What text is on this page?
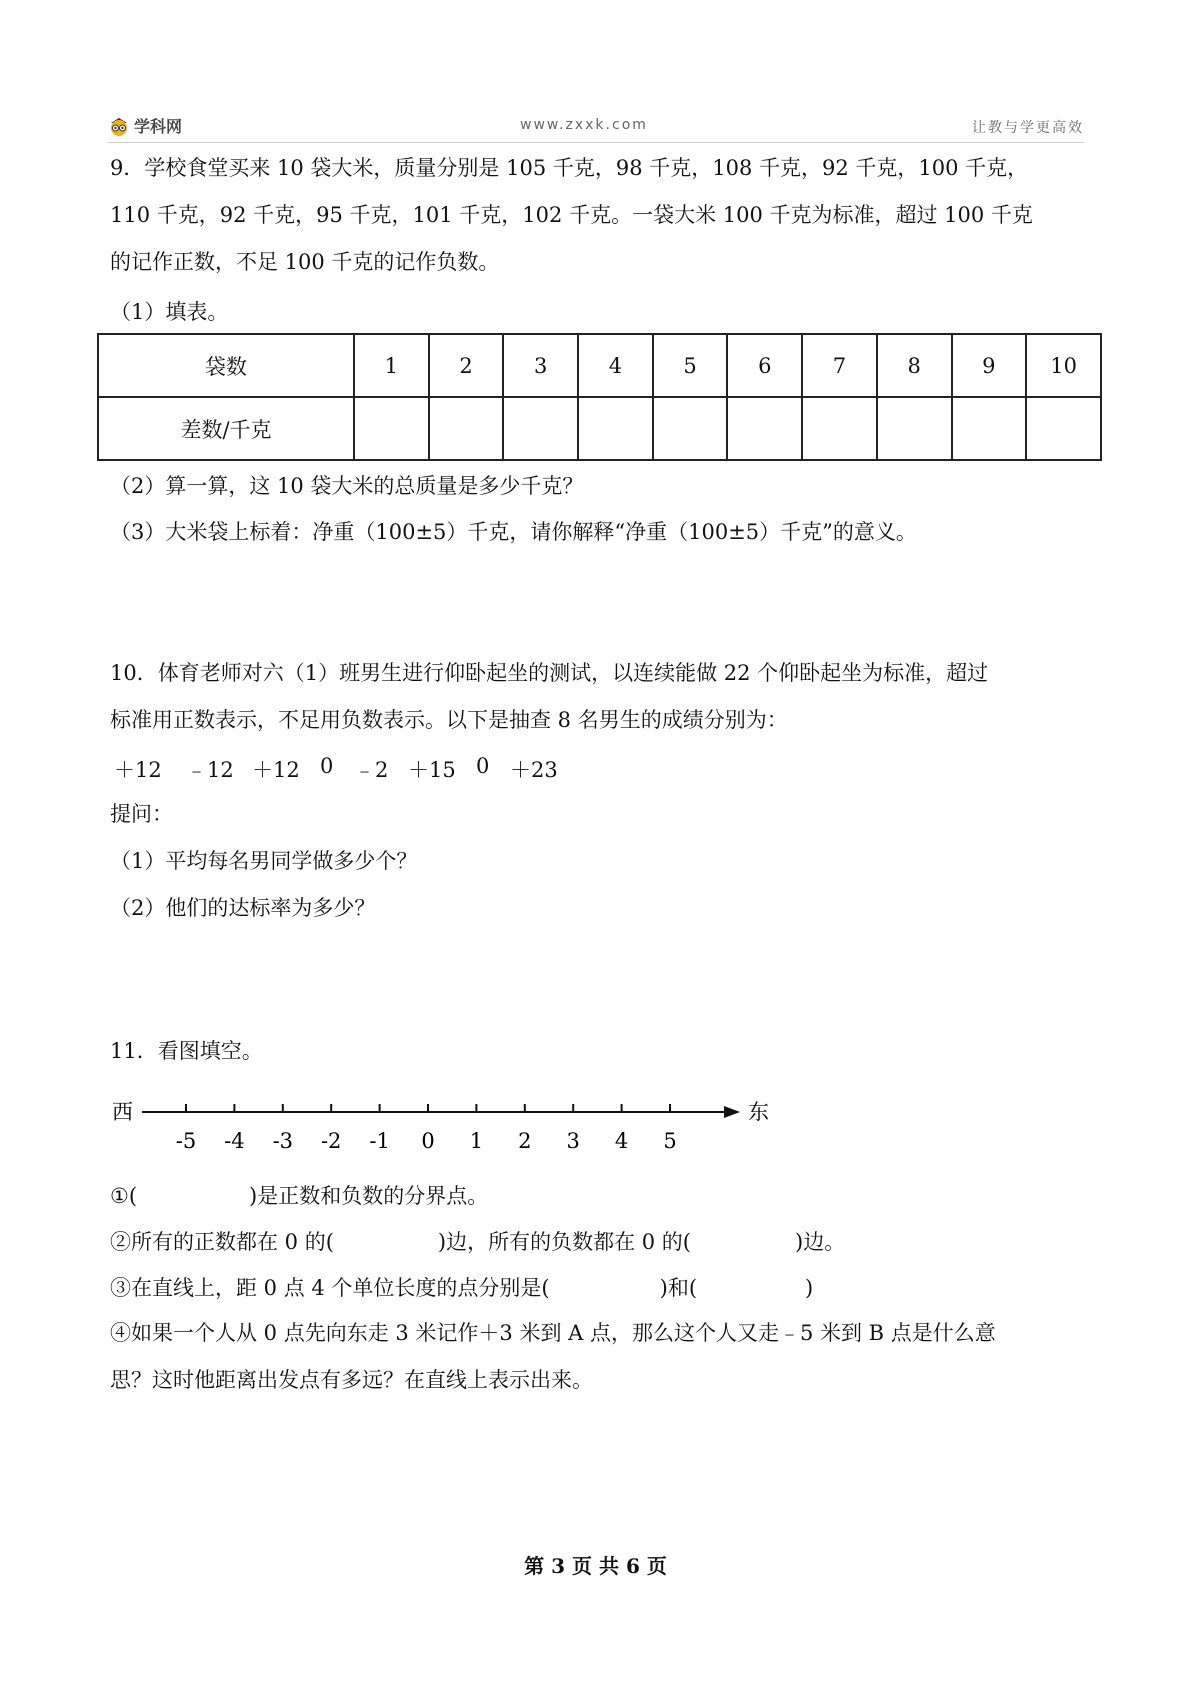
学科网	www.zxxk.com	让教与学更高效
9．学校食堂买来 10 袋大米，质量分别是 105 千克，98 千克，108 千克，92 千克，100 千克，
110 千克，92 千克，95 千克，101 千克，102 千克。一袋大米 100 千克为标准，超过 100 千克
的记作正数，不足 100 千克的记作负数。
（1）填表。
袋数	1	2	3	4	5	6	7	8	9	10
差数/千克										
（2）算一算，这 10 袋大米的总质量是多少千克？
（3）大米袋上标着：净重（100±5）千克，请你解释“净重（100±5）千克”的意义。
10．体育老师对六（1）班男生进行仰卧起坐的测试，以连续能做 22 个仰卧起坐为标准，超过
标准用正数表示，不足用负数表示。以下是抽查 8 名男生的成绩分别为：
＋12 ﹣12 ＋12 0 ﹣2 ＋15 0 ＋23
提问：
（1）平均每名男同学做多少个？
（2）他们的达标率为多少？
11．看图填空。
西	东
-5 -4 -3 -2 -1 0 1 2 3 4 5
①(	)是正数和负数的分界点。
②所有的正数都在 0 的(	)边，所有的负数都在 0 的(	)边。
③在直线上，距 0 点 4 个单位长度的点分别是(	)和(	)
④如果一个人从 0 点先向东走 3 米记作＋3 米到 A 点，那么这个人又走﹣5 米到 B 点是什么意
思？这时他距离出发点有多远？在直线上表示出来。
第 3 页 共 6 页
